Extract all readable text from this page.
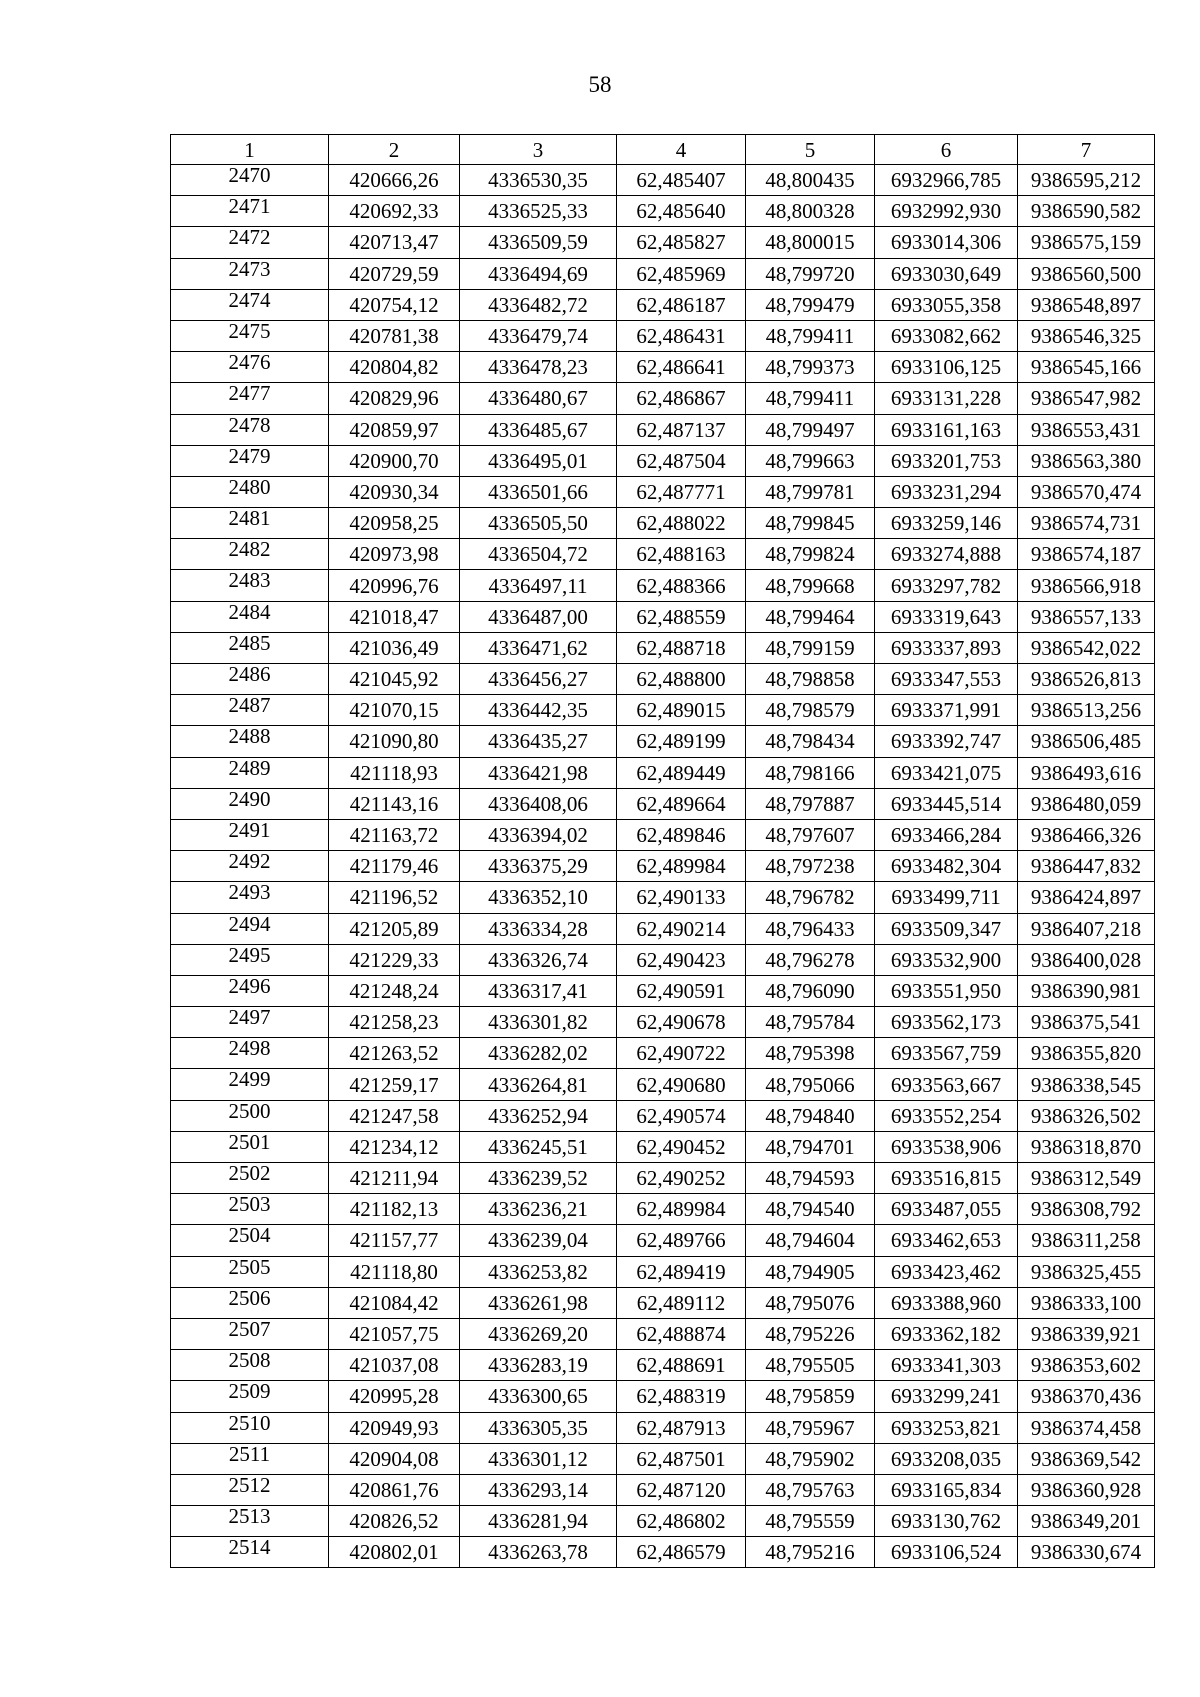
58
1	2	3	4	5	6	7
2470	420666,26	4336530,35	62,485407	48,800435	6932966,785	9386595,212
2471	420692,33	4336525,33	62,485640	48,800328	6932992,930	9386590,582
2472	420713,47	4336509,59	62,485827	48,800015	6933014,306	9386575,159
2473	420729,59	4336494,69	62,485969	48,799720	6933030,649	9386560,500
2474	420754,12	4336482,72	62,486187	48,799479	6933055,358	9386548,897
2475	420781,38	4336479,74	62,486431	48,799411	6933082,662	9386546,325
2476	420804,82	4336478,23	62,486641	48,799373	6933106,125	9386545,166
2477	420829,96	4336480,67	62,486867	48,799411	6933131,228	9386547,982
2478	420859,97	4336485,67	62,487137	48,799497	6933161,163	9386553,431
2479	420900,70	4336495,01	62,487504	48,799663	6933201,753	9386563,380
2480	420930,34	4336501,66	62,487771	48,799781	6933231,294	9386570,474
2481	420958,25	4336505,50	62,488022	48,799845	6933259,146	9386574,731
2482	420973,98	4336504,72	62,488163	48,799824	6933274,888	9386574,187
2483	420996,76	4336497,11	62,488366	48,799668	6933297,782	9386566,918
2484	421018,47	4336487,00	62,488559	48,799464	6933319,643	9386557,133
2485	421036,49	4336471,62	62,488718	48,799159	6933337,893	9386542,022
2486	421045,92	4336456,27	62,488800	48,798858	6933347,553	9386526,813
2487	421070,15	4336442,35	62,489015	48,798579	6933371,991	9386513,256
2488	421090,80	4336435,27	62,489199	48,798434	6933392,747	9386506,485
2489	421118,93	4336421,98	62,489449	48,798166	6933421,075	9386493,616
2490	421143,16	4336408,06	62,489664	48,797887	6933445,514	9386480,059
2491	421163,72	4336394,02	62,489846	48,797607	6933466,284	9386466,326
2492	421179,46	4336375,29	62,489984	48,797238	6933482,304	9386447,832
2493	421196,52	4336352,10	62,490133	48,796782	6933499,711	9386424,897
2494	421205,89	4336334,28	62,490214	48,796433	6933509,347	9386407,218
2495	421229,33	4336326,74	62,490423	48,796278	6933532,900	9386400,028
2496	421248,24	4336317,41	62,490591	48,796090	6933551,950	9386390,981
2497	421258,23	4336301,82	62,490678	48,795784	6933562,173	9386375,541
2498	421263,52	4336282,02	62,490722	48,795398	6933567,759	9386355,820
2499	421259,17	4336264,81	62,490680	48,795066	6933563,667	9386338,545
2500	421247,58	4336252,94	62,490574	48,794840	6933552,254	9386326,502
2501	421234,12	4336245,51	62,490452	48,794701	6933538,906	9386318,870
2502	421211,94	4336239,52	62,490252	48,794593	6933516,815	9386312,549
2503	421182,13	4336236,21	62,489984	48,794540	6933487,055	9386308,792
2504	421157,77	4336239,04	62,489766	48,794604	6933462,653	9386311,258
2505	421118,80	4336253,82	62,489419	48,794905	6933423,462	9386325,455
2506	421084,42	4336261,98	62,489112	48,795076	6933388,960	9386333,100
2507	421057,75	4336269,20	62,488874	48,795226	6933362,182	9386339,921
2508	421037,08	4336283,19	62,488691	48,795505	6933341,303	9386353,602
2509	420995,28	4336300,65	62,488319	48,795859	6933299,241	9386370,436
2510	420949,93	4336305,35	62,487913	48,795967	6933253,821	9386374,458
2511	420904,08	4336301,12	62,487501	48,795902	6933208,035	9386369,542
2512	420861,76	4336293,14	62,487120	48,795763	6933165,834	9386360,928
2513	420826,52	4336281,94	62,486802	48,795559	6933130,762	9386349,201
2514	420802,01	4336263,78	62,486579	48,795216	6933106,524	9386330,674
